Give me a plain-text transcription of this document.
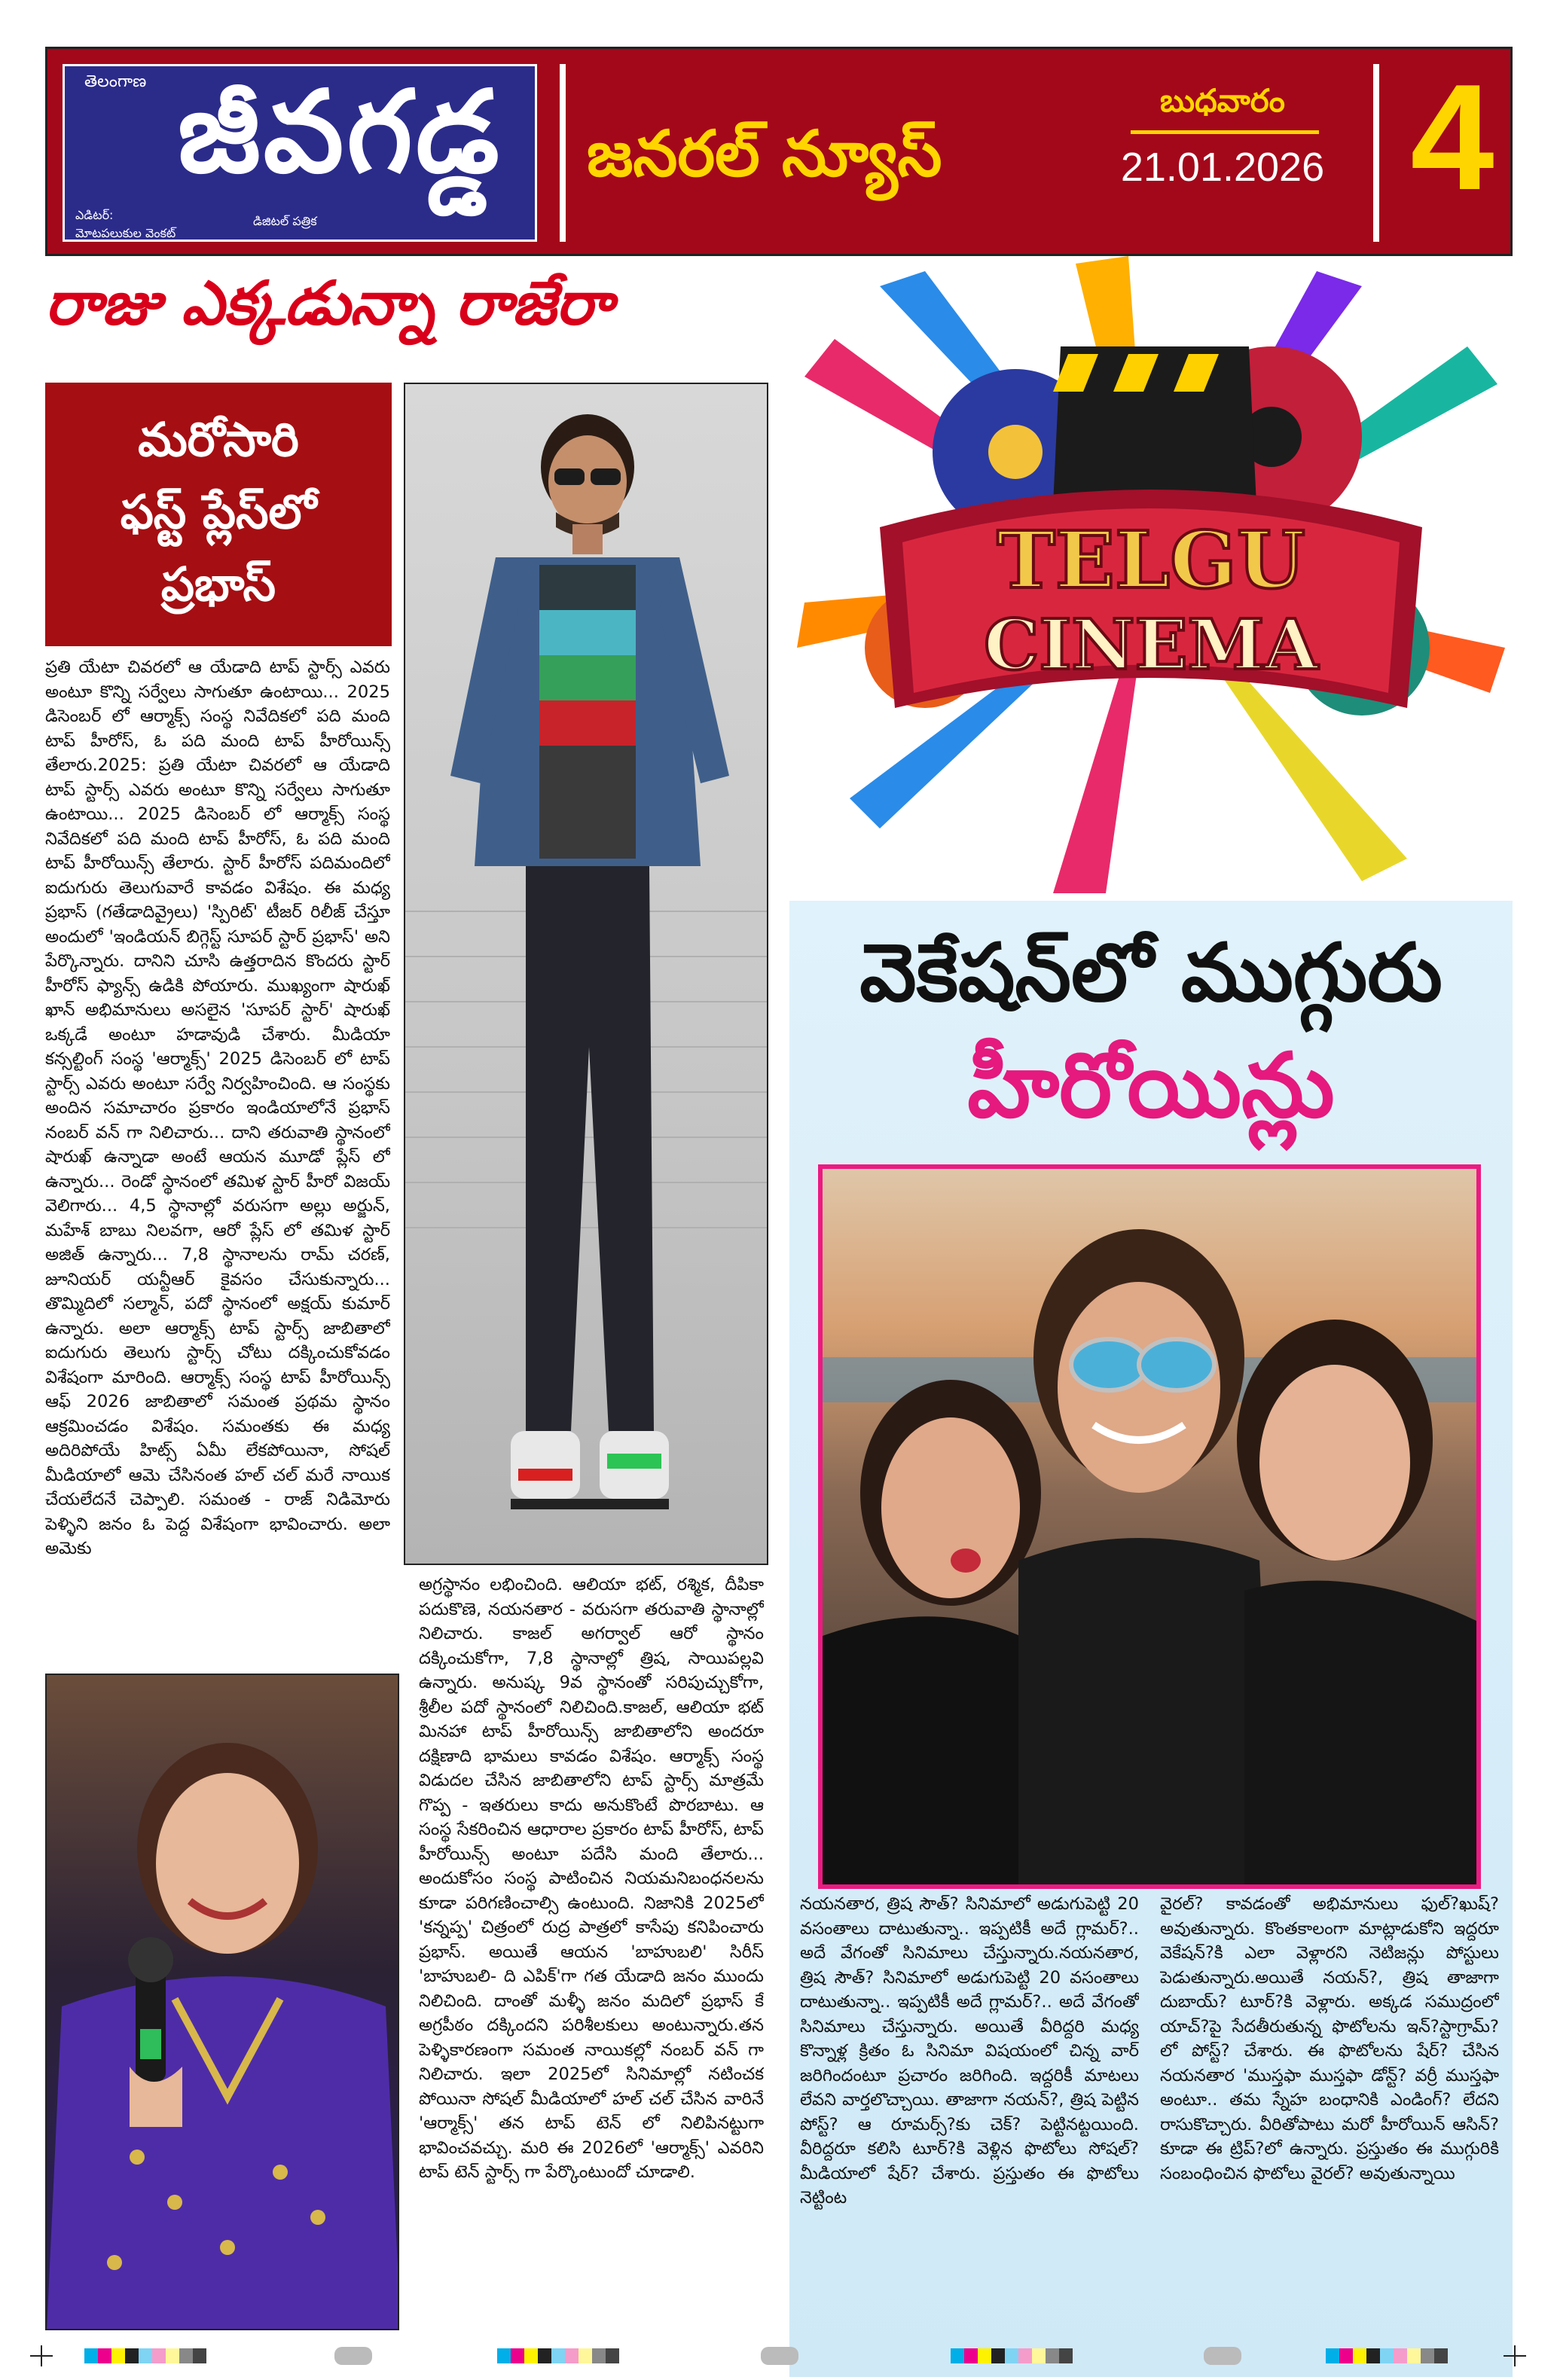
తెలంగాణ జీవగడ్డ
ఎడిటర్:
మోటపలుకుల వెంకట్
డిజిటల్ పత్రిక
జనరల్ న్యూస్
బుధవారం
21.01.2026 4
రాజు ఎక్కడున్నా రాజేరా
మరోసారి
ఫస్ట్ ప్లేస్‌లో
ప్రభాస్
ప్రతి యేటా చివరలో ఆ యేడాది టాప్ స్టార్స్ ఎవరు అంటూ కొన్ని సర్వేలు సాగుతూ ఉంటాయి... 2025 డిసెంబర్ లో ఆర్మాక్స్ సంస్థ నివేదికలో పది మంది టాప్ హీరోస్, ఓ పది మంది టాప్ హీరోయిన్స్ తేలారు.2025: ప్రతి యేటా చివరలో ఆ యేడాది టాప్ స్టార్స్ ఎవరు అంటూ కొన్ని సర్వేలు సాగుతూ ఉంటాయి... 2025 డిసెంబర్ లో ఆర్మాక్స్ సంస్థ నివేదికలో పది మంది టాప్ హీరోస్, ఓ పది మంది టాప్ హీరోయిన్స్ తేలారు. స్టార్ హీరోస్ పదిమందిలో ఐదుగురు తెలుగువారే కావడం విశేషం. ఈ మధ్య ప్రభాస్ (గతేడాదివ్రైలు) 'స్పిరిట్' టీజర్ రిలీజ్ చేస్తూ అందులో 'ఇండియన్ బిగ్గెస్ట్ సూపర్ స్టార్ ప్రభాస్' అని పేర్కొన్నారు. దానిని చూసి ఉత్తరాదిన కొందరు స్టార్ హీరోస్ ఫ్యాన్స్ ఉడికి పోయారు. ముఖ్యంగా షారుఖ్ ఖాన్ అభిమానులు అసలైన 'సూపర్ స్టార్' షారుఖ్ ఒక్కడే అంటూ హడావుడి చేశారు. మీడియా కన్సల్టింగ్ సంస్థ 'ఆర్మాక్స్' 2025 డిసెంబర్ లో టాప్ స్టార్స్ ఎవరు అంటూ సర్వే నిర్వహించింది. ఆ సంస్థకు అందిన సమాచారం ప్రకారం ఇండియాలోనే ప్రభాస్ నంబర్ వన్ గా నిలిచారు... దాని తరువాతి స్థానంలో షారుఖ్ ఉన్నాడా అంటే ఆయన మూడో ప్లేస్ లో ఉన్నారు... రెండో స్థానంలో తమిళ స్టార్ హీరో విజయ్ వెలిగారు... 4,5 స్థానాల్లో వరుసగా అల్లు అర్జున్, మహేశ్ బాబు నిలవగా, ఆరో ప్లేస్ లో తమిళ స్టార్ అజిత్ ఉన్నారు... 7,8 స్థానాలను రామ్ చరణ్, జూనియర్ యన్టీఆర్ కైవసం చేసుకున్నారు... తొమ్మిదిలో సల్మాన్, పదో స్థానంలో అక్షయ్ కుమార్ ఉన్నారు. అలా ఆర్మాక్స్ టాప్ స్టార్స్ జాబితాలో ఐదుగురు తెలుగు స్టార్స్ చోటు దక్కించుకోవడం విశేషంగా మారింది. ఆర్మాక్స్ సంస్థ టాప్ హీరోయిన్స్ ఆఫ్ 2026 జాబితాలో సమంత ప్రథమ స్థానం ఆక్రమించడం విశేషం. సమంతకు ఈ మధ్య అదిరిపోయే హిట్స్ ఏమీ లేకపోయినా, సోషల్ మీడియాలో ఆమె చేసినంత హల్ చల్ మరే నాయిక చేయలేదనే చెప్పాలి. సమంత - రాజ్ నిడిమోరు పెళ్ళిని జనం ఓ పెద్ద విశేషంగా భావించారు. అలా అమెకు
అగ్రస్థానం లభించింది. ఆలియా భట్, రశ్మిక, దీపికా పదుకొణె, నయనతార - వరుసగా తరువాతి స్థానాల్లో నిలిచారు. కాజల్ అగర్వాల్ ఆరో స్థానం దక్కించుకోగా, 7,8 స్థానాల్లో త్రిష, సాయిపల్లవి ఉన్నారు. అనుష్క 9వ స్థానంతో సరిపుచ్చుకోగా, శ్రీలీల పదో స్థానంలో నిలిచింది.కాజల్, ఆలియా భట్ మినహా టాప్ హీరోయిన్స్ జాబితాలోని అందరూ దక్షిణాది భామలు కావడం విశేషం. ఆర్మాక్స్ సంస్థ విడుదల చేసిన జాబితాలోని టాప్ స్టార్స్ మాత్రమే గొప్ప - ఇతరులు కాదు అనుకొంటే పొరబాటు. ఆ సంస్థ సేకరించిన ఆధారాల ప్రకారం టాప్ హీరోస్, టాప్ హీరోయిన్స్ అంటూ పదేసి మంది తేలారు... అందుకోసం సంస్థ పాటించిన నియమనిబంధనలను కూడా పరిగణించాల్సి ఉంటుంది. నిజానికి 2025లో 'కన్నప్ప' చిత్రంలో రుద్ర పాత్రలో కాసేపు కనిపించారు ప్రభాస్. అయితే ఆయన 'బాహుబలి' సిరీస్ 'బాహుబలి- ది ఎపిక్'గా గత యేడాది జనం ముందు నిలిచింది. దాంతో మళ్ళీ జనం మదిలో ప్రభాస్ కే అగ్రపీఠం దక్కిందని పరిశీలకులు అంటున్నారు.తన పెళ్ళికారణంగా సమంత నాయికల్లో నంబర్ వన్ గా నిలిచారు. ఇలా 2025లో సినిమాల్లో నటించక పోయినా సోషల్ మీడియాలో హల్ చల్ చేసిన వారినే 'ఆర్మాక్స్' తన టాప్ టెన్ లో నిలిపినట్టుగా భావించవచ్చు. మరి ఈ 2026లో 'ఆర్మాక్స్' ఎవరిని టాప్ టెన్ స్టార్స్ గా పేర్కొంటుందో చూడాలి.
TELGU
CINEMA
వెకేషన్‌లో ముగ్గురు
హీరోయిన్లు
నయనతార, త్రిష సౌత్? సినిమాలో అడుగుపెట్టి 20 వసంతాలు దాటుతున్నా.. ఇప్పటికీ అదే గ్లామర్?.. అదే వేగంతో సినిమాలు చేస్తున్నారు.నయనతార, త్రిష సౌత్? సినిమాలో అడుగుపెట్టి 20 వసంతాలు దాటుతున్నా.. ఇప్పటికీ అదే గ్లామర్?.. అదే వేగంతో సినిమాలు చేస్తున్నారు. అయితే వీరిద్దరి మధ్య కొన్నాళ్ల క్రితం ఓ సినిమా విషయంలో చిన్న వార్ జరిగిందంటూ ప్రచారం జరిగింది. ఇద్దరికీ మాటలు లేవని వార్తలొచ్చాయి. తాజాగా నయన్?, త్రిష పెట్టిన పోస్ట్? ఆ రూమర్స్?కు చెక్? పెట్టినట్టయింది. వీరిద్దరూ కలిసి టూర్?కి వెళ్లిన ఫొటోలు సోషల్? మీడియాలో షేర్? చేశారు. ప్రస్తుతం ఈ ఫొటోలు నెట్టింట
వైరల్? కావడంతో అభిమానులు ఫుల్?ఖుష్? అవుతున్నారు. కొంతకాలంగా మాట్లాడుకోని ఇద్దరూ వెకేషన్?కి ఎలా వెళ్లారని నెటిజన్లు పోస్టులు పెడుతున్నారు.అయితే నయన్?, త్రిష తాజాగా దుబాయ్? టూర్?కి వెళ్లారు. అక్కడ సముద్రంలో యాచ్?పై సేదతీరుతున్న ఫొటోలను ఇన్?స్టాగ్రామ్?లో పోస్ట్? చేశారు. ఈ ఫొటోలను షేర్? చేసిన నయనతార 'ముస్తఫా ముస్తఫా డోన్ట్? వర్రీ ముస్తఫా అంటూ.. తమ స్నేహ బంధానికి ఎండింగ్? లేదని రాసుకొచ్చారు. వీరితోపాటు మరో హీరోయిన్ ఆసిన్? కూడా ఈ ట్రిప్?లో ఉన్నారు. ప్రస్తుతం ఈ ముగ్గురికి సంబంధించిన ఫొటోలు వైరల్? అవుతున్నాయి
